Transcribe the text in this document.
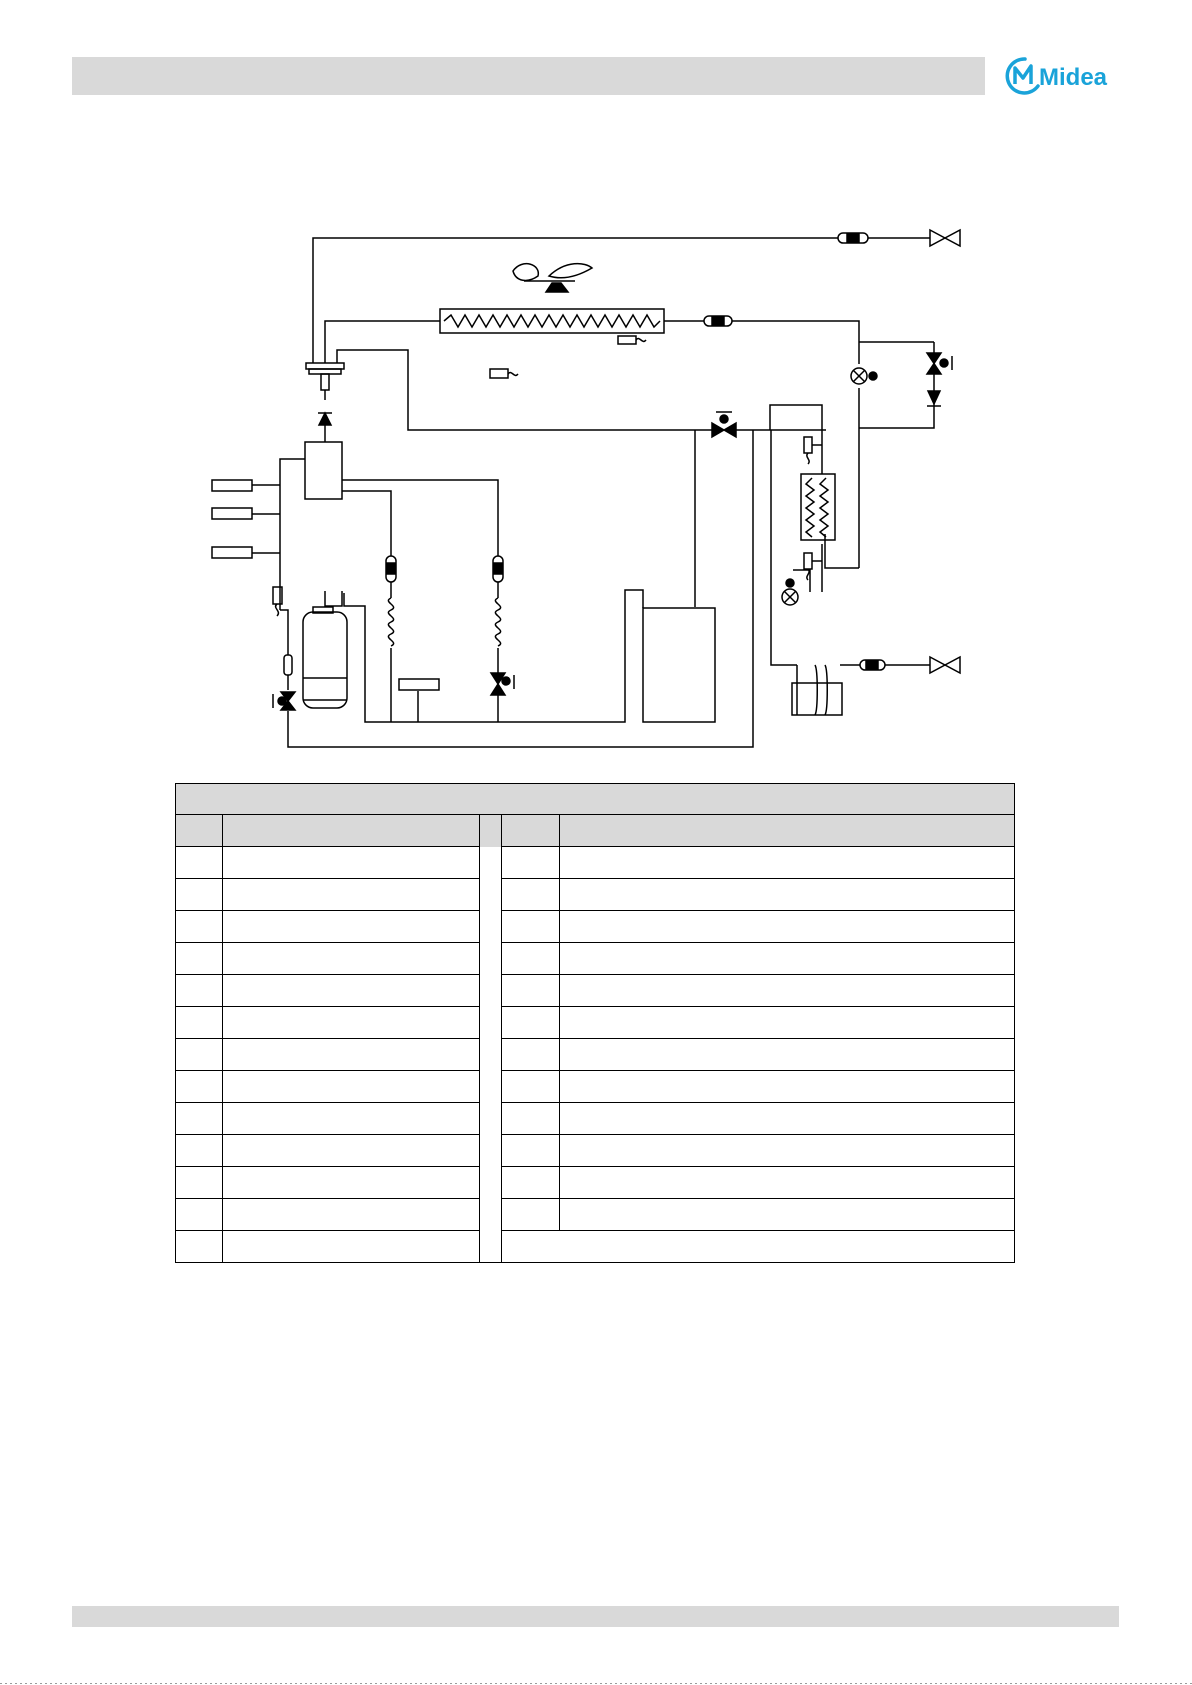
Midea
